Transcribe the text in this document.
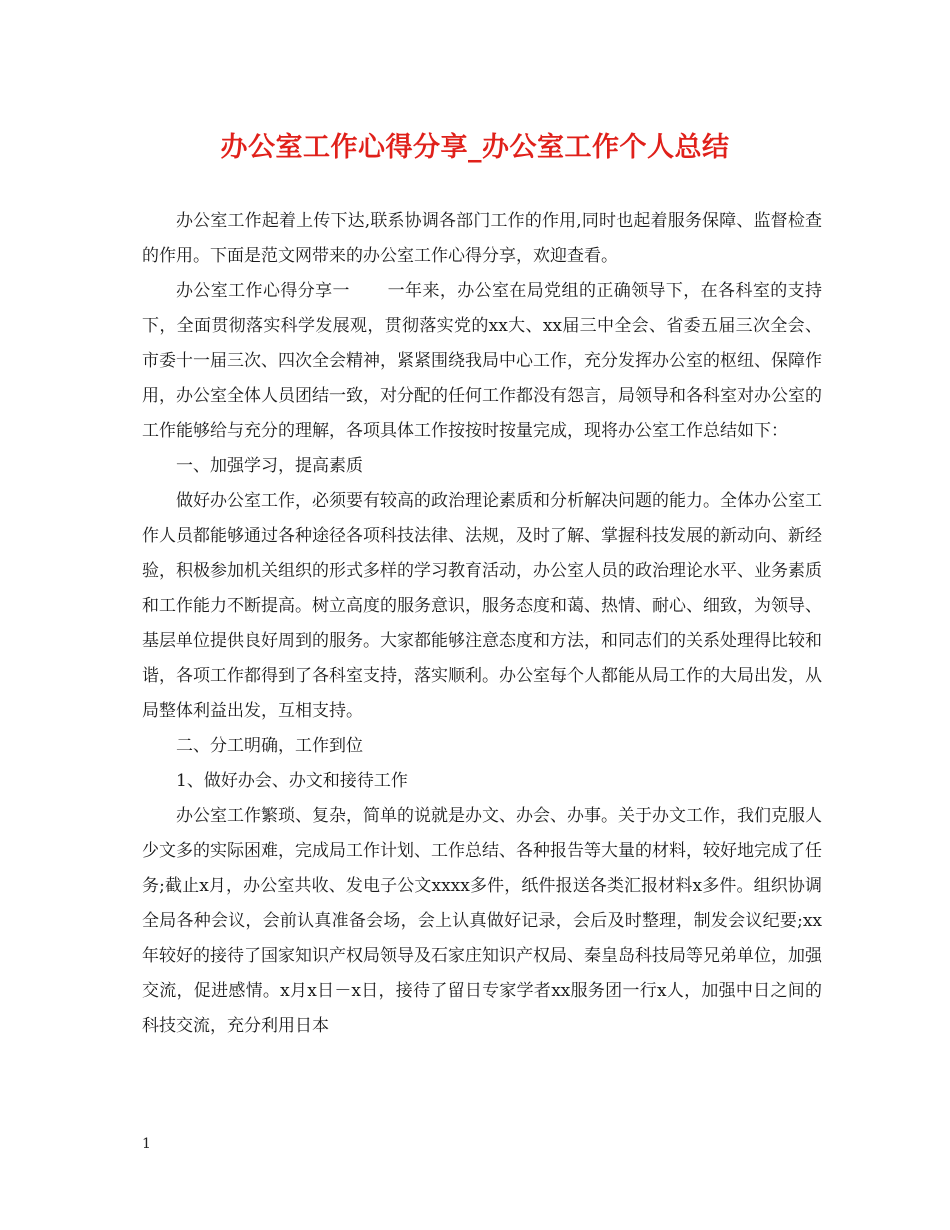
办公室工作心得分享_办公室工作个人总结

办公室工作起着上传下达,联系协调各部门工作的作用,同时也起着服务保障、监督检查的作用。下面是范文网带来的办公室工作心得分享，欢迎查看。

办公室工作心得分享一 一年来，办公室在局党组的正确领导下，在各科室的支持下，全面贯彻落实科学发展观，贯彻落实党的xx大、xx届三中全会、省委五届三次全会、市委十一届三次、四次全会精神，紧紧围绕我局中心工作，充分发挥办公室的枢纽、保障作用，办公室全体人员团结一致，对分配的任何工作都没有怨言，局领导和各科室对办公室的工作能够给与充分的理解，各项具体工作按按时按量完成，现将办公室工作总结如下：

一、加强学习，提高素质

做好办公室工作，必须要有较高的政治理论素质和分析解决问题的能力。全体办公室工作人员都能够通过各种途径各项科技法律、法规，及时了解、掌握科技发展的新动向、新经验，积极参加机关组织的形式多样的学习教育活动，办公室人员的政治理论水平、业务素质和工作能力不断提高。树立高度的服务意识，服务态度和蔼、热情、耐心、细致，为领导、基层单位提供良好周到的服务。大家都能够注意态度和方法，和同志们的关系处理得比较和谐，各项工作都得到了各科室支持，落实顺利。办公室每个人都能从局工作的大局出发，从局整体利益出发，互相支持。

二、分工明确，工作到位

1、做好办会、办文和接待工作

办公室工作繁琐、复杂，简单的说就是办文、办会、办事。关于办文工作，我们克服人少文多的实际困难，完成局工作计划、工作总结、各种报告等大量的材料，较好地完成了任务;截止x月，办公室共收、发电子公文xxxx多件，纸件报送各类汇报材料x多件。组织协调全局各种会议，会前认真准备会场，会上认真做好记录，会后及时整理，制发会议纪要;xx年较好的接待了国家知识产权局领导及石家庄知识产权局、秦皇岛科技局等兄弟单位，加强交流，促进感情。x月x日－x日，接待了留日专家学者xx服务团一行x人，加强中日之间的科技交流，充分利用日本

1
